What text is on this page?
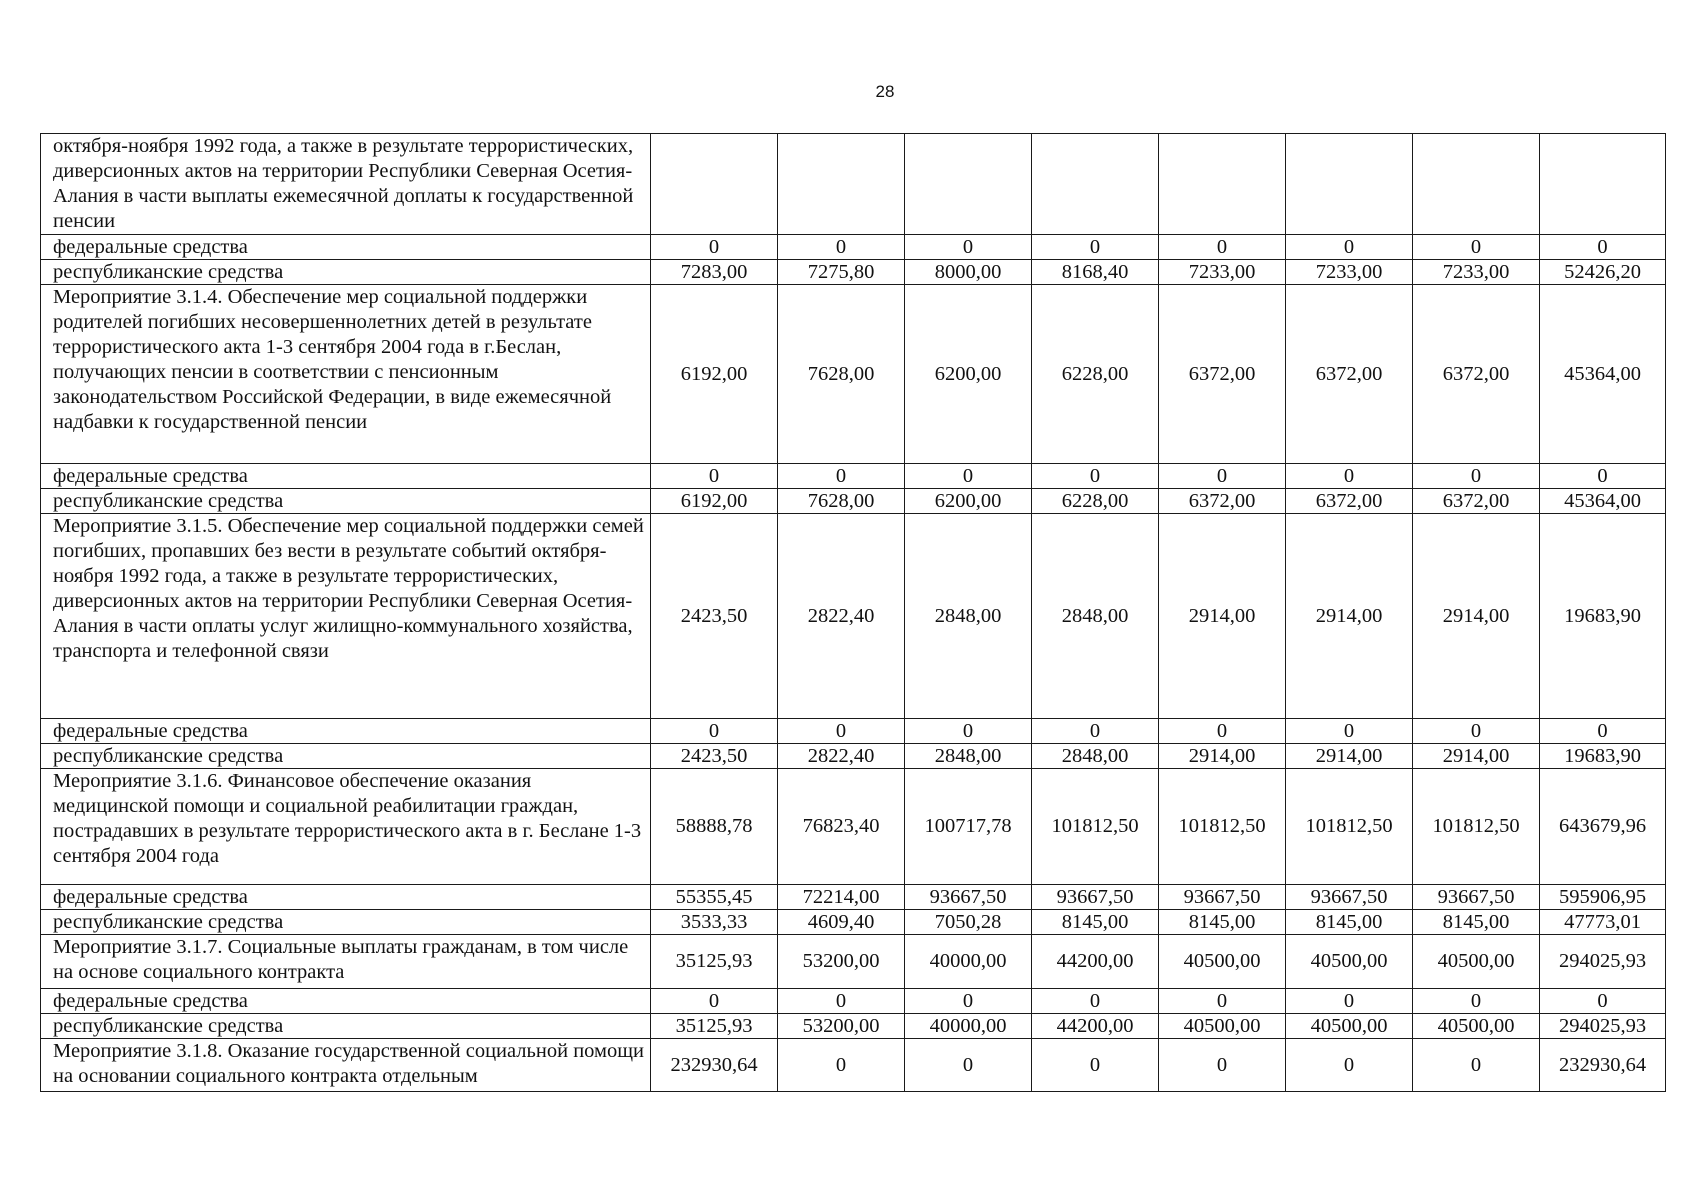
28
октября-ноября 1992 года, а также в результате террористических, диверсионных актов на территории Республики Северная Осетия-Алания в части выплаты ежемесячной доплаты к государственной пенсии								
федеральные средства	0	0	0	0	0	0	0	0
республиканские средства	7283,00	7275,80	8000,00	8168,40	7233,00	7233,00	7233,00	52426,20
Мероприятие 3.1.4. Обеспечение мер социальной поддержки родителей погибших несовершеннолетних детей в результате террористического акта 1-3 сентября 2004 года в г.Беслан, получающих пенсии в соответствии с пенсионным законодательством Российской Федерации, в виде ежемесячной надбавки к государственной пенсии	6192,00	7628,00	6200,00	6228,00	6372,00	6372,00	6372,00	45364,00
федеральные средства	0	0	0	0	0	0	0	0
республиканские средства	6192,00	7628,00	6200,00	6228,00	6372,00	6372,00	6372,00	45364,00
Мероприятие 3.1.5. Обеспечение мер социальной поддержки семей погибших, пропавших без вести в результате событий октября-ноября 1992 года, а также в результате террористических, диверсионных актов на территории Республики Северная Осетия-Алания в части оплаты услуг жилищно-коммунального хозяйства, транспорта и телефонной связи	2423,50	2822,40	2848,00	2848,00	2914,00	2914,00	2914,00	19683,90
федеральные средства	0	0	0	0	0	0	0	0
республиканские средства	2423,50	2822,40	2848,00	2848,00	2914,00	2914,00	2914,00	19683,90
Мероприятие 3.1.6. Финансовое обеспечение оказания медицинской помощи и социальной реабилитации граждан, пострадавших в результате террористического акта в г. Беслане 1-3 сентября 2004 года	58888,78	76823,40	100717,78	101812,50	101812,50	101812,50	101812,50	643679,96
федеральные средства	55355,45	72214,00	93667,50	93667,50	93667,50	93667,50	93667,50	595906,95
республиканские средства	3533,33	4609,40	7050,28	8145,00	8145,00	8145,00	8145,00	47773,01
Мероприятие 3.1.7. Социальные выплаты гражданам, в том числе на основе социального контракта	35125,93	53200,00	40000,00	44200,00	40500,00	40500,00	40500,00	294025,93
федеральные средства	0	0	0	0	0	0	0	0
республиканские средства	35125,93	53200,00	40000,00	44200,00	40500,00	40500,00	40500,00	294025,93
Мероприятие 3.1.8. Оказание государственной социальной помощи на основании социального контракта отдельным	232930,64	0	0	0	0	0	0	232930,64
